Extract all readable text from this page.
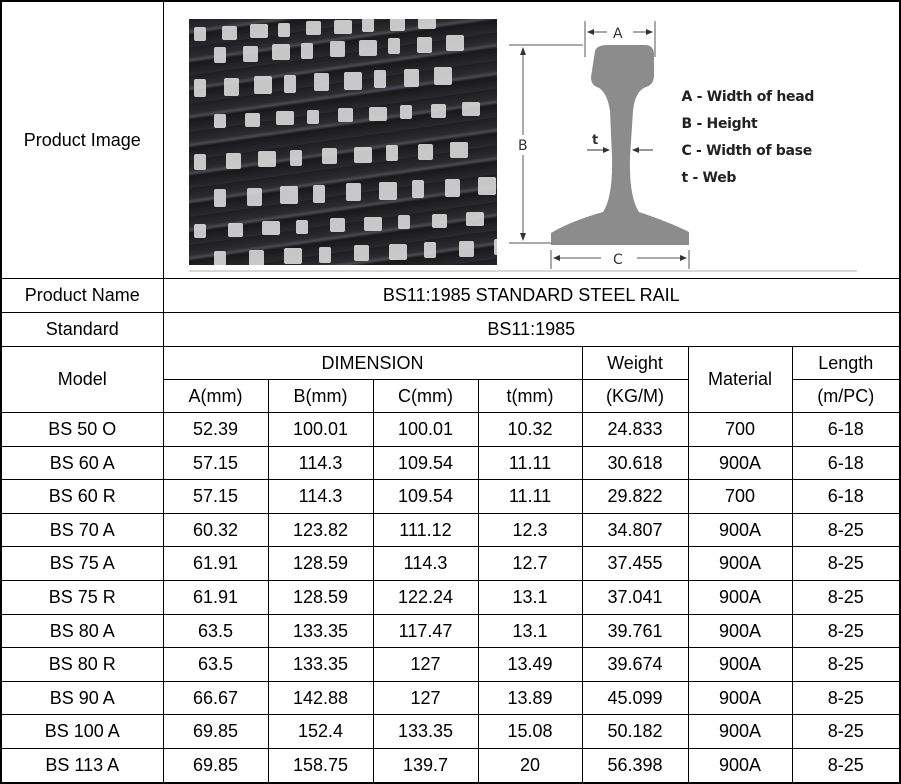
Product Image	B
A
t
C
A - Width of head
B - Height
C - Width of base
t - Web

Product Name	BS11:1985 STANDARD STEEL RAIL						
Standard	BS11:1985						
Model	DIMENSION				Weight	Material	Length
	A(mm)	B(mm)	C(mm)	t(mm)	(KG/M)		(m/PC)
BS 50 O	52.39	100.01	100.01	10.32	24.833	700	6-18
BS 60 A	57.15	114.3	109.54	11.11	30.618	900A	6-18
BS 60 R	57.15	114.3	109.54	11.11	29.822	700	6-18
BS 70 A	60.32	123.82	111.12	12.3	34.807	900A	8-25
BS 75 A	61.91	128.59	114.3	12.7	37.455	900A	8-25
BS 75 R	61.91	128.59	122.24	13.1	37.041	900A	8-25
BS 80 A	63.5	133.35	117.47	13.1	39.761	900A	8-25
BS 80 R	63.5	133.35	127	13.49	39.674	900A	8-25
BS 90 A	66.67	142.88	127	13.89	45.099	900A	8-25
BS 100 A	69.85	152.4	133.35	15.08	50.182	900A	8-25
BS 113 A	69.85	158.75	139.7	20	56.398	900A	8-25
